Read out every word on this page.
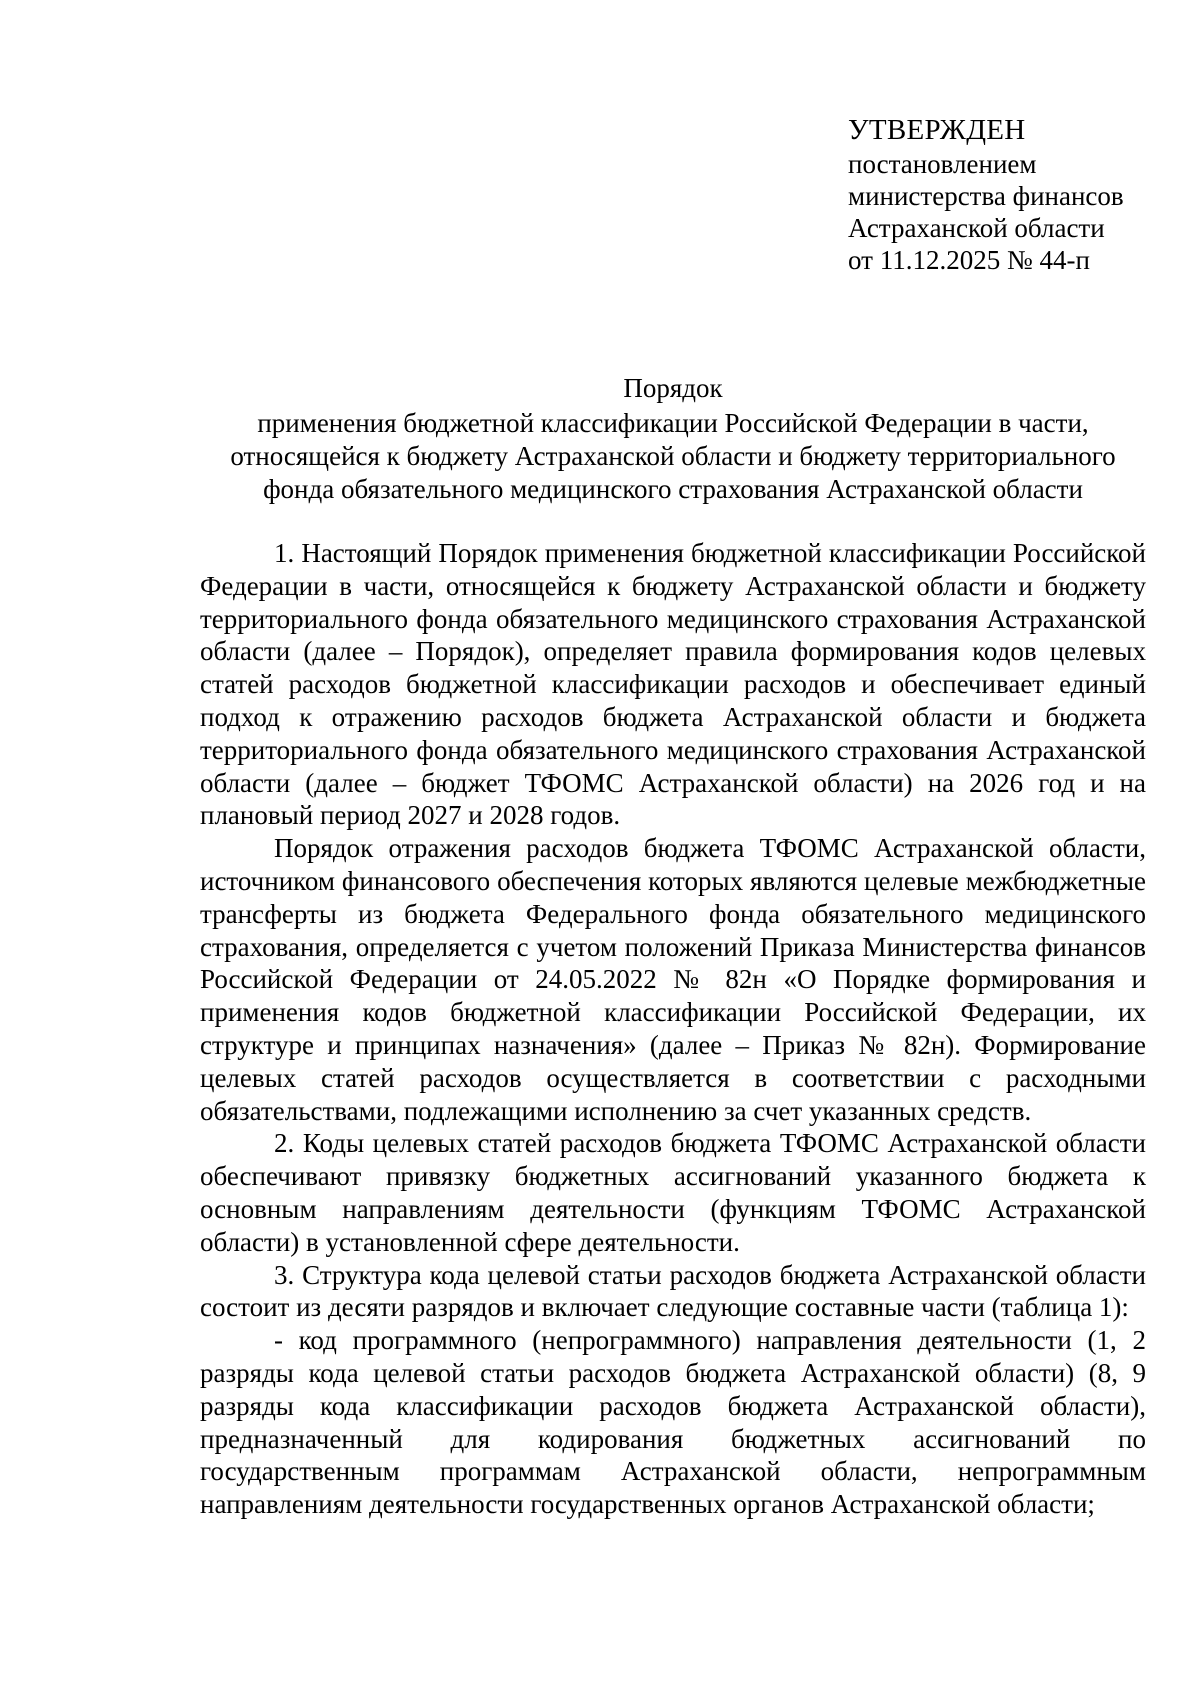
УТВЕРЖДЕН
постановлением
министерства финансов
Астраханской области
от 11.12.2025 № 44-п
Порядок
применения бюджетной классификации Российской Федерации в части, относящейся к бюджету Астраханской области и бюджету территориального фонда обязательного медицинского страхования Астраханской области

1. Настоящий Порядок применения бюджетной классификации Российской Федерации в части, относящейся к бюджету Астраханской области и бюджету территориального фонда обязательного медицинского страхования Астраханской области (далее – Порядок), определяет правила формирования кодов целевых статей расходов бюджетной классификации расходов и обеспечивает единый подход к отражению расходов бюджета Астраханской области и бюджета территориального фонда обязательного медицинского страхования Астраханской области (далее – бюджет ТФОМС Астраханской области) на 2026 год и на плановый период 2027 и 2028 годов.

Порядок отражения расходов бюджета ТФОМС Астраханской области, источником финансового обеспечения которых являются целевые межбюджетные трансферты из бюджета Федерального фонда обязательного медицинского страхования, определяется с учетом положений Приказа Министерства финансов Российской Федерации от 24.05.2022 № 82н «О Порядке формирования и применения кодов бюджетной классификации Российской Федерации, их структуре и принципах назначения» (далее – Приказ № 82н). Формирование целевых статей расходов осуществляется в соответствии с расходными обязательствами, подлежащими исполнению за счет указанных средств.

2. Коды целевых статей расходов бюджета ТФОМС Астраханской области обеспечивают привязку бюджетных ассигнований указанного бюджета к основным направлениям деятельности (функциям ТФОМС Астраханской области) в установленной сфере деятельности.

3. Структура кода целевой статьи расходов бюджета Астраханской области состоит из десяти разрядов и включает следующие составные части (таблица 1):

- код программного (непрограммного) направления деятельности (1, 2 разряды кода целевой статьи расходов бюджета Астраханской области) (8, 9 разряды кода классификации расходов бюджета Астраханской области), предназначенный для кодирования бюджетных ассигнований по государственным программам Астраханской области, непрограммным направлениям деятельности государственных органов Астраханской области;
